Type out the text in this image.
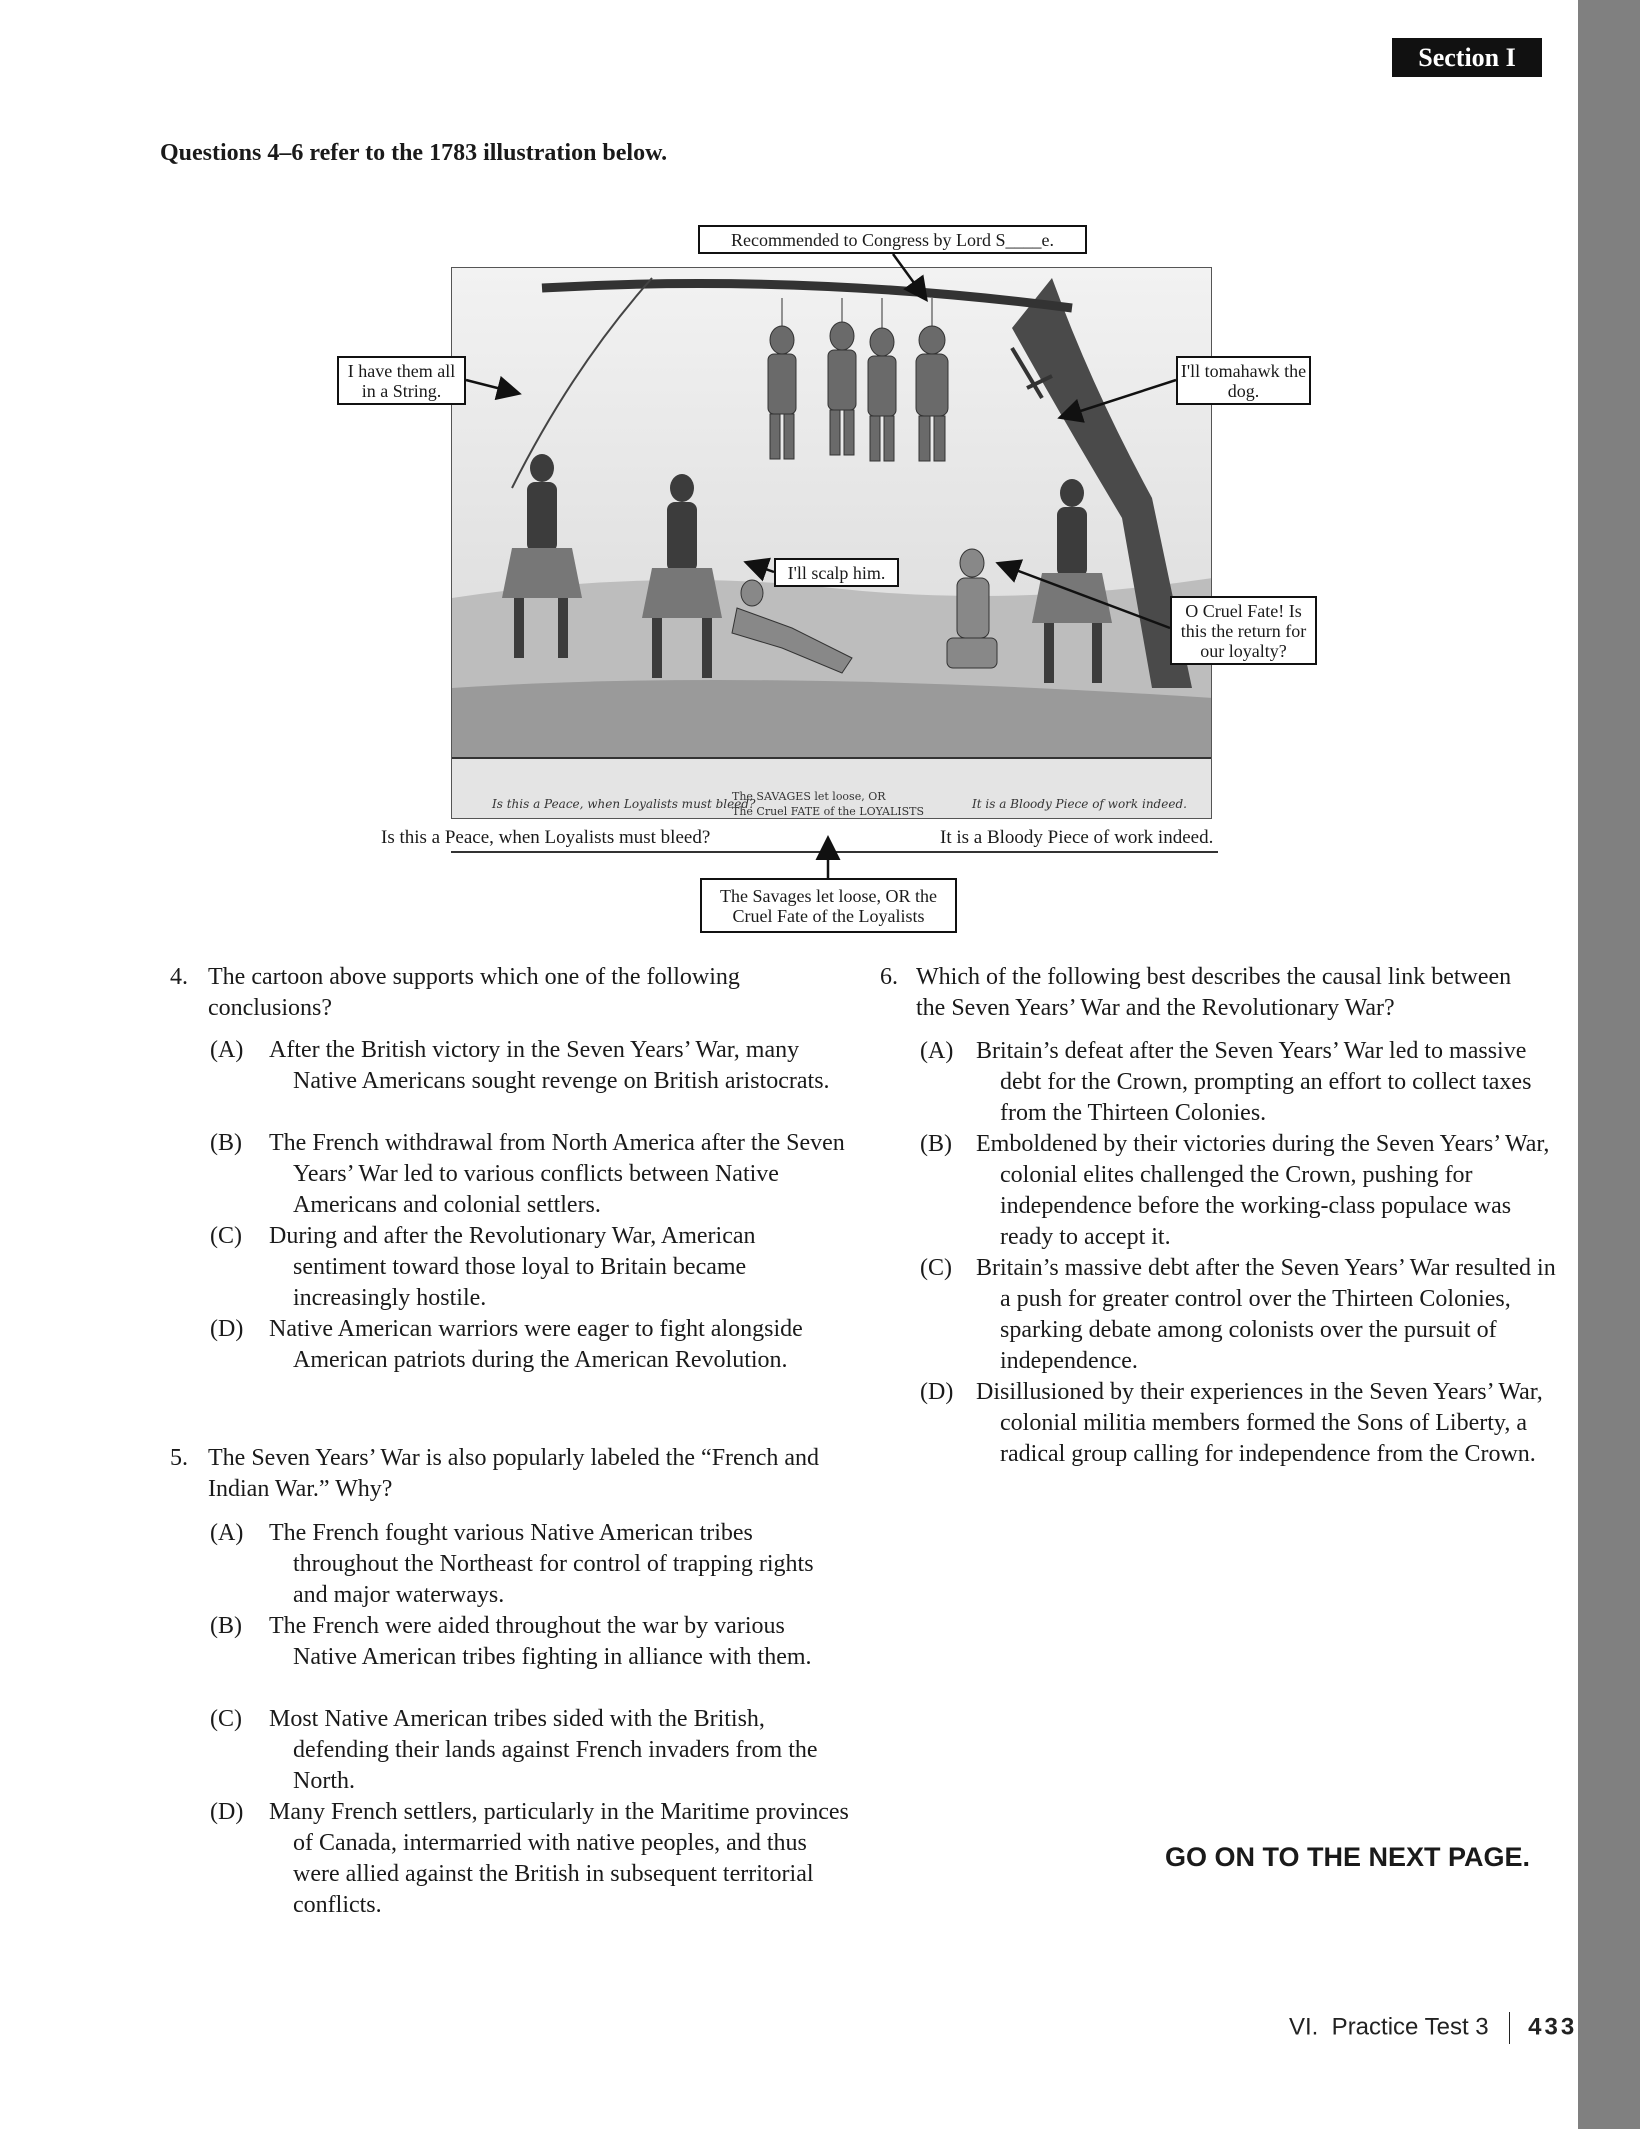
Section I
Questions 4–6 refer to the 1783 illustration below.
Is this a Peace, when Loyalists must bleed?
The SAVAGES let loose, OR
The Cruel FATE of the LOYALISTS
It is a Bloody Piece of work indeed.
Is this a Peace, when Loyalists must bleed?	It is a Bloody Piece of work indeed.
Recommended to Congress by Lord S____e.
I have them all in a String.
I'll tomahawk the dog.
I'll scalp him.
O Cruel Fate! Is this the return for our loyalty?
The Savages let loose, OR the Cruel Fate of the Loyalists
4. The cartoon above supports which one of the following conclusions?
(A) After the British victory in the Seven Years’ War, many Native Americans sought revenge on British aristocrats.
(B) The French withdrawal from North America after the Seven Years’ War led to various conflicts between Native Americans and colonial settlers.
(C) During and after the Revolutionary War, American sentiment toward those loyal to Britain became increasingly hostile.
(D) Native American warriors were eager to fight alongside American patriots during the American Revolution.
5. The Seven Years’ War is also popularly labeled the “French and Indian War.” Why?
(A) The French fought various Native American tribes throughout the Northeast for control of trapping rights and major waterways.
(B) The French were aided throughout the war by various Native American tribes fighting in alliance with them.
(C) Most Native American tribes sided with the British, defending their lands against French invaders from the North.
(D) Many French settlers, particularly in the Maritime provinces of Canada, intermarried with native peoples, and thus were allied against the British in subsequent territorial conflicts.
6. Which of the following best describes the causal link between the Seven Years’ War and the Revolutionary War?
(A) Britain’s defeat after the Seven Years’ War led to massive debt for the Crown, prompting an effort to collect taxes from the Thirteen Colonies.
(B) Emboldened by their victories during the Seven Years’ War, colonial elites challenged the Crown, pushing for independence before the working-class populace was ready to accept it.
(C) Britain’s massive debt after the Seven Years’ War resulted in a push for greater control over the Thirteen Colonies, sparking debate among colonists over the pursuit of independence.
(D) Disillusioned by their experiences in the Seven Years’ War, colonial militia members formed the Sons of Liberty, a radical group calling for independence from the Crown.
GO ON TO THE NEXT PAGE.
VI.  Practice Test 3 433
